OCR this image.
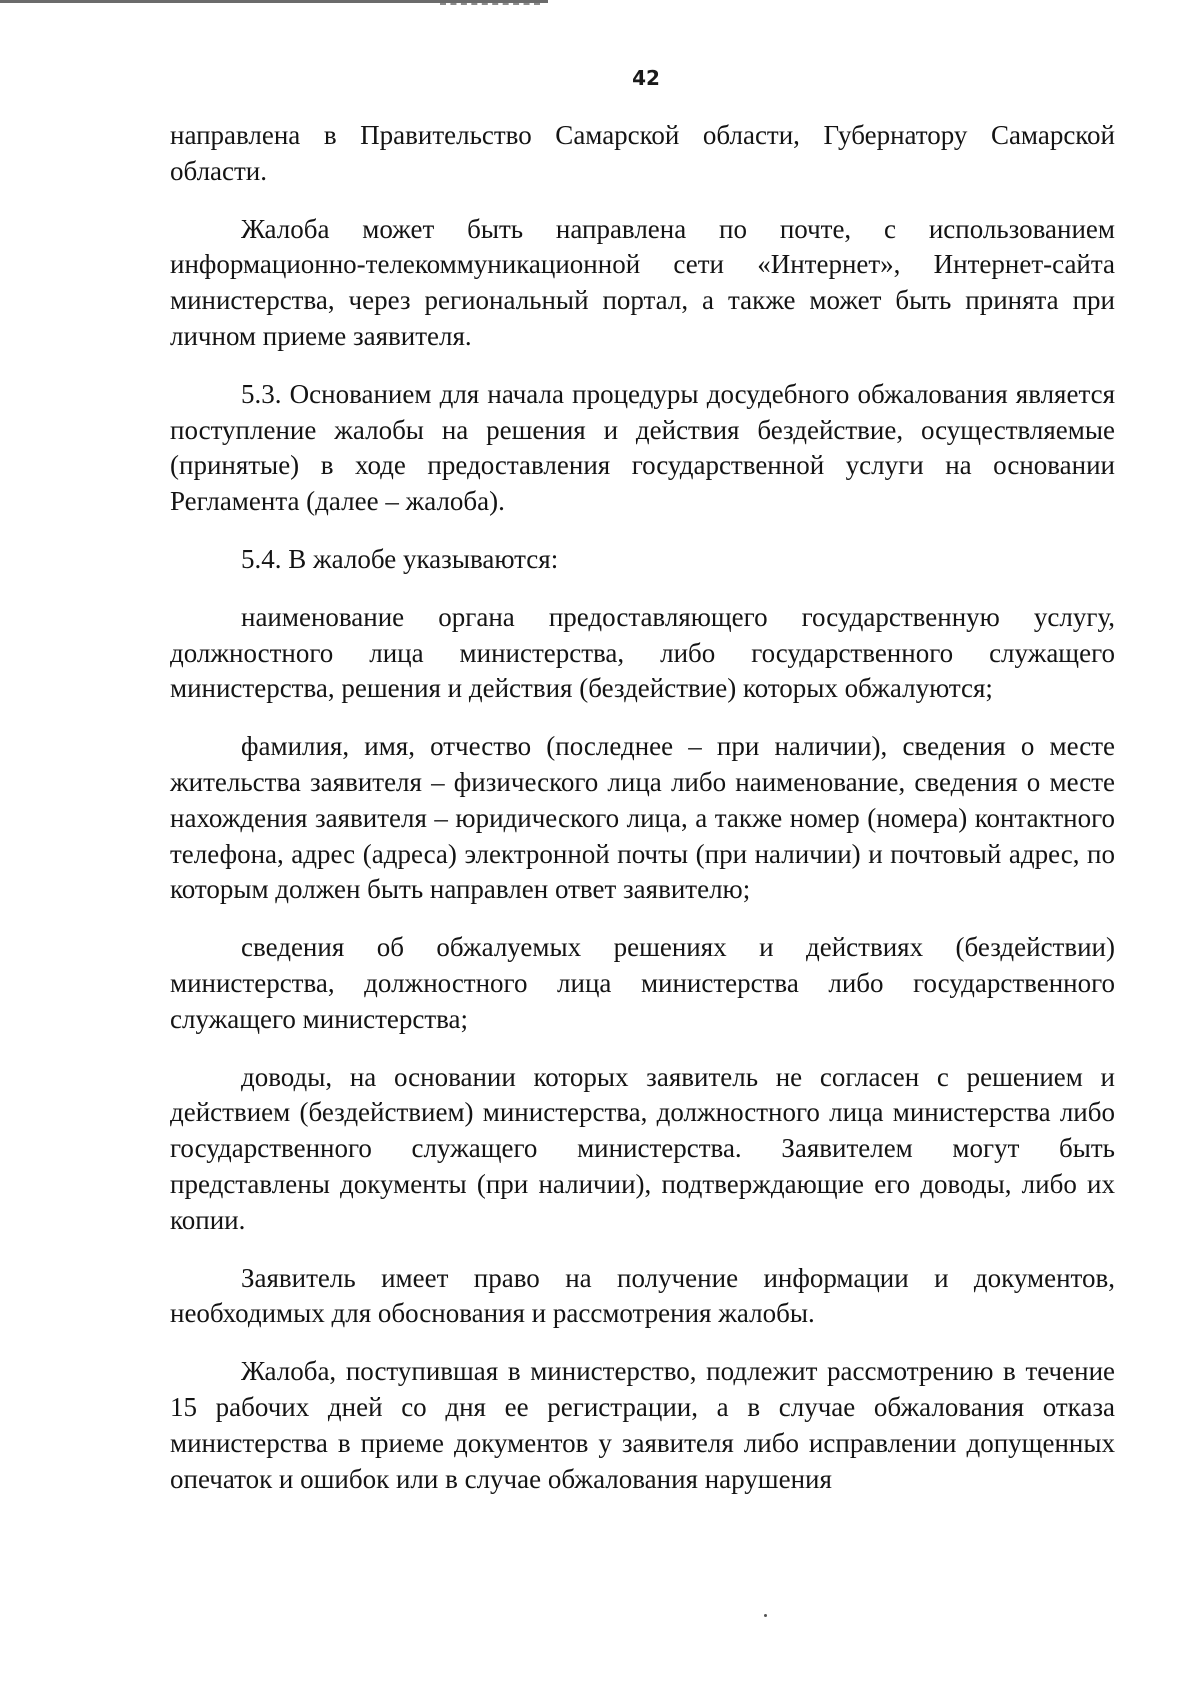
42

направлена в Правительство Самарской области, Губернатору Самарской области.

Жалоба может быть направлена по почте, с использованием информационно-телекоммуникационной сети «Интернет», Интернет-сайта министерства, через региональный портал, а также может быть принята при личном приеме заявителя.

5.3. Основанием для начала процедуры досудебного обжалования является поступление жалобы на решения и действия бездействие, осуществляемые (принятые) в ходе предоставления государственной услуги на основании Регламента (далее – жалоба).

5.4. В жалобе указываются:

наименование органа предоставляющего государственную услугу, должностного лица министерства, либо государственного служащего министерства, решения и действия (бездействие) которых обжалуются;

фамилия, имя, отчество (последнее – при наличии), сведения о месте жительства заявителя – физического лица либо наименование, сведения о месте нахождения заявителя – юридического лица, а также номер (номера) контактного телефона, адрес (адреса) электронной почты (при наличии) и почтовый адрес, по которым должен быть направлен ответ заявителю;

сведения об обжалуемых решениях и действиях (бездействии) министерства, должностного лица министерства либо государственного служащего министерства;

доводы, на основании которых заявитель не согласен с решением и действием (бездействием) министерства, должностного лица министерства либо государственного служащего министерства. Заявителем могут быть представлены документы (при наличии), подтверждающие его доводы, либо их копии.

Заявитель имеет право на получение информации и документов, необходимых для обоснования и рассмотрения жалобы.

Жалоба, поступившая в министерство, подлежит рассмотрению в течение 15 рабочих дней со дня ее регистрации, а в случае обжалования отказа министерства в приеме документов у заявителя либо исправлении допущенных опечаток и ошибок или в случае обжалования нарушения
